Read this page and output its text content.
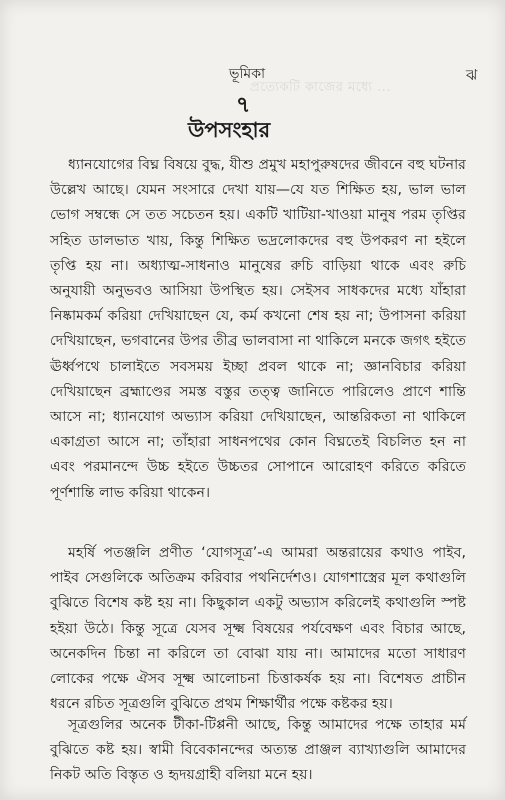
প্রত্যেকটি কাজের মধ্যে ...
ভূমিকা	ঝ
৭
উপসংহার
ধ্যানযোগের বিঘ্ন বিষয়ে বুদ্ধ, যীশু প্রমুখ মহাপুরুষদের জীবনে বহু ঘটনার উল্লেখ আছে। যেমন সংসারে দেখা যায়—যে যত শিক্ষিত হয়, ভাল ভাল ভোগ সম্বন্ধে সে তত সচেতন হয়। একটি খাটিয়া-খাওয়া মানুষ পরম তৃপ্তির সহিত ডালভাত খায়, কিন্তু শিক্ষিত ভদ্রলোকদের বহু উপকরণ না হইলে তৃপ্তি হয় না। অধ্যাত্ম-সাধনাও মানুষের রুচি বাড়িয়া থাকে এবং রুচি অনুযায়ী অনুভবও আসিয়া উপস্থিত হয়। সেইসব সাধকদের মধ্যে যাঁহারা নিষ্কামকর্ম করিয়া দেখিয়াছেন যে, কর্ম কখনো শেষ হয় না; উপাসনা করিয়া দেখিয়াছেন, ভগবানের উপর তীব্র ভালবাসা না থাকিলে মনকে জগৎ হইতে ঊর্ধ্বপথে চালাইতে সবসময় ইচ্ছা প্রবল থাকে না; জ্ঞানবিচার করিয়া দেখিয়াছেন ব্রহ্মাণ্ডের সমস্ত বস্তুর তত্ত্ব জানিতে পারিলেও প্রাণে শান্তি আসে না; ধ্যানযোগ অভ্যাস করিয়া দেখিয়াছেন, আন্তরিকতা না থাকিলে একাগ্রতা আসে না; তাঁহারা সাধনপথের কোন বিঘ্নতেই বিচলিত হন না এবং পরমানন্দে উচ্চ হইতে উচ্চতর সোপানে আরোহণ করিতে করিতে পূর্ণশান্তি লাভ করিয়া থাকেন।
মহর্ষি পতঞ্জলি প্রণীত ‘যোগসূত্র’-এ আমরা অন্তরায়ের কথাও পাইব, পাইব সেগুলিকে অতিক্রম করিবার পথনির্দেশও। যোগশাস্ত্রের মূল কথাগুলি বুঝিতে বিশেষ কষ্ট হয় না। কিছুকাল একটু অভ্যাস করিলেই কথাগুলি স্পষ্ট হইয়া উঠে। কিন্তু সূত্রে যেসব সূক্ষ্ম বিষয়ের পর্যবেক্ষণ এবং বিচার আছে, অনেকদিন চিন্তা না করিলে তা বোঝা যায় না। আমাদের মতো সাধারণ লোকের পক্ষে ঐসব সূক্ষ্ম আলোচনা চিত্তাকর্ষক হয় না। বিশেষত প্রাচীন ধরনে রচিত সূত্রগুলি বুঝিতে প্রথম শিক্ষার্থীর পক্ষে কষ্টকর হয়।
সূত্রগুলির অনেক টীকা-টিপ্পনী আছে, কিন্তু আমাদের পক্ষে তাহার মর্ম বুঝিতে কষ্ট হয়। স্বামী বিবেকানন্দের অত্যন্ত প্রাঞ্জল ব্যাখ্যাগুলি আমাদের নিকট অতি বিস্তৃত ও হৃদয়গ্রাহী বলিয়া মনে হয়।
